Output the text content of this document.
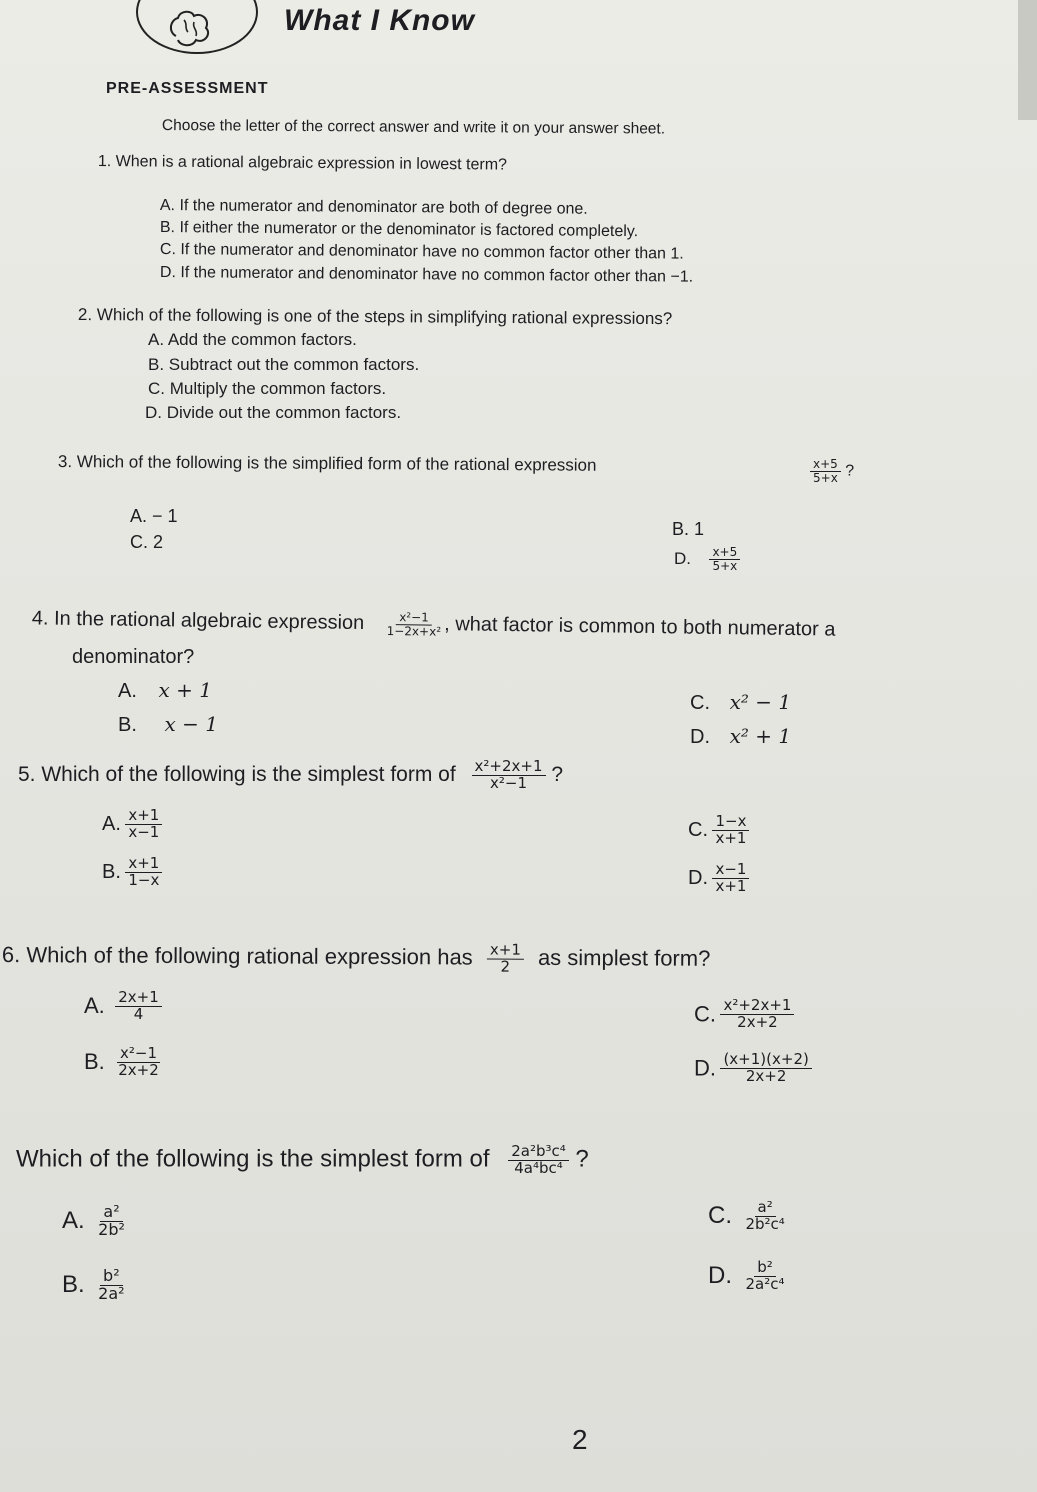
What I Know
PRE-ASSESSMENT
Choose the letter of the correct answer and write it on your answer sheet.
1. When is a rational algebraic expression in lowest term?
A. If the numerator and denominator are both of degree one.
B. If either the numerator or the denominator is factored completely.
C. If the numerator and denominator have no common factor other than 1.
D. If the numerator and denominator have no common factor other than −1.
2. Which of the following is one of the steps in simplifying rational expressions?
A. Add the common factors.
B. Subtract out the common factors.
C. Multiply the common factors.
D. Divide out the common factors.
3. Which of the following is the simplified form of the rational expression	$\frac{x+5}{5+x}$ ?
A. − 1
C. 2
B. 1
D. $\frac{x+5}{5+x}$
4. In the rational algebraic expression $\frac{\text{x²−1}}{\text{1−2x+x²}}$ , what factor is common to both numerator a
denominator?
A. x + 1
B. x − 1
C. x² − 1
D. x² + 1
5. Which of the following is the simplest form of $\frac{\text{x²+2x+1}}{\text{x²−1}}$ ?
A. $\frac{x+1}{x-1}$
B. $\frac{x+1}{1-x}$
C. $\frac{1-x}{x+1}$
D. $\frac{x-1}{x+1}$
6. Which of the following rational expression has $\frac{x+1}{2}$ as simplest form?
A. $\frac{2x+1}{4}$
B. $\frac{\text{x²−1}}{2x+2}$
C. $\frac{\text{x²+2x+1}}{2x+2}$
D. $\frac{(x+1)(x+2)}{2x+2}$
Which of the following is the simplest form of $\frac{\text{2a²b³c⁴}}{\text{4a⁴bc⁴}}$ ?
A. $\frac{\text{a²}}{\text{2b²}}$
B. $\frac{\text{b²}}{\text{2a²}}$
C. $\frac{\text{a²}}{\text{2b²c⁴}}$
D. $\frac{\text{b²}}{\text{2a²c⁴}}$
2
